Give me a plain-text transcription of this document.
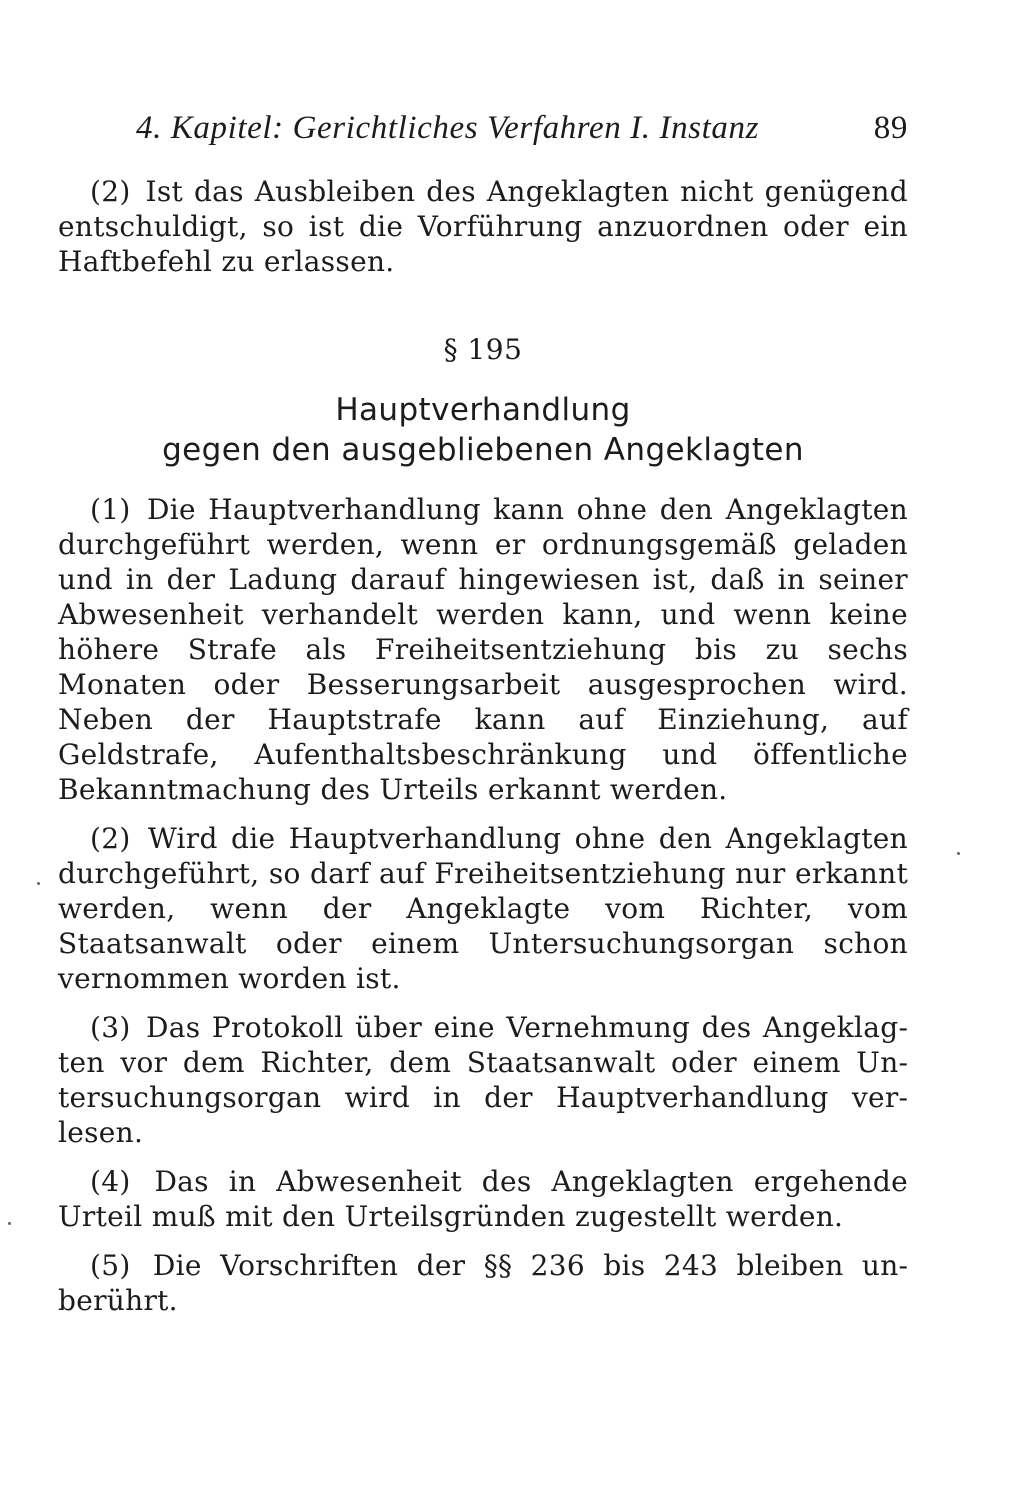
4. Kapitel: Gerichtliches Verfahren I. Instanz	89

(2) Ist das Ausbleiben des Angeklagten nicht genügend entschuldigt, so ist die Vorführung anzuordnen oder ein Haftbefehl zu erlassen.

§ 195
Hauptverhandlung
gegen den ausgebliebenen Angeklagten

(1) Die Hauptverhandlung kann ohne den Angeklagten durchgeführt werden, wenn er ordnungsgemäß geladen und in der Ladung darauf hingewiesen ist, daß in seiner Abwesenheit verhandelt werden kann, und wenn keine höhere Strafe als Freiheitsentziehung bis zu sechs Monaten oder Besserungsarbeit ausgesprochen wird. Neben der Hauptstrafe kann auf Einziehung, auf Geldstrafe, Aufenthaltsbeschränkung und öffentliche Bekanntmachung des Urteils erkannt werden.

(2) Wird die Hauptverhandlung ohne den Angeklagten durchgeführt, so darf auf Freiheitsentziehung nur erkannt werden, wenn der Angeklagte vom Richter, vom Staatsanwalt oder einem Untersuchungsorgan schon vernommen worden ist.

(3) Das Protokoll über eine Vernehmung des Angeklagten vor dem Richter, dem Staatsanwalt oder einem Untersuchungsorgan wird in der Hauptverhandlung verlesen.

(4) Das in Abwesenheit des Angeklagten ergehende Urteil muß mit den Urteilsgründen zugestellt werden.

(5) Die Vorschriften der §§ 236 bis 243 bleiben unberührt.
